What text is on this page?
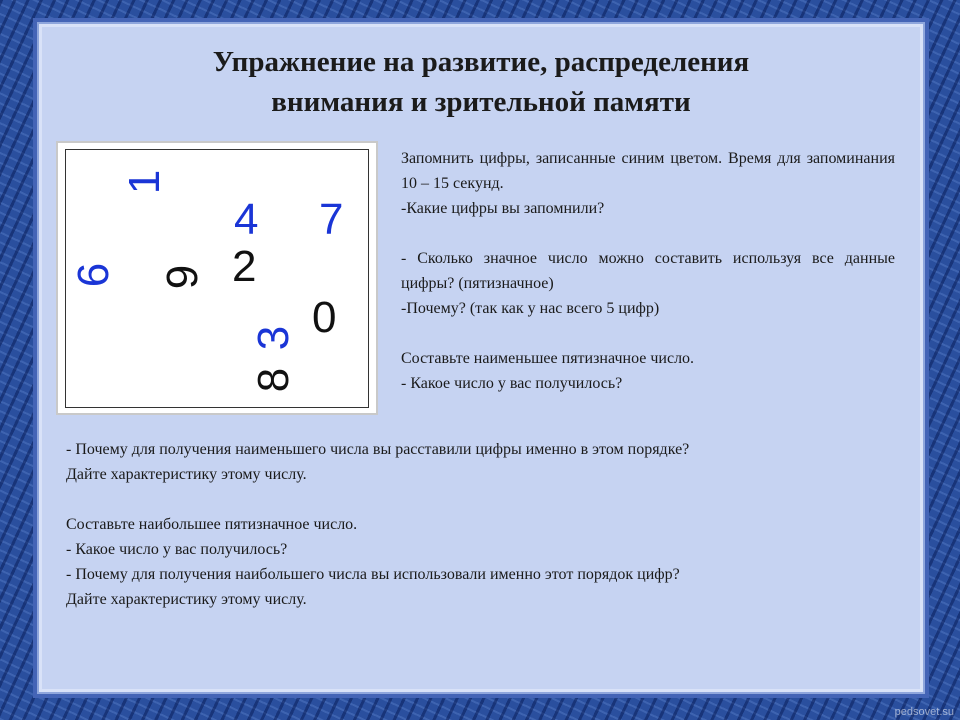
Упражнение на развитие, распределения
внимания и зрительной памяти
1
4 7
6 9 2
3 0
8

Запомнить цифры, записанные синим цветом. Время для запоминания 10 – 15 секунд.

-Какие цифры вы запомнили?

- Сколько значное число можно составить используя все данные цифры? (пятизначное)

-Почему? (так как у нас всего 5 цифр)

Составьте наименьшее пятизначное число.

- Какое число у вас получилось?

- Почему для получения наименьшего числа вы расставили цифры именно в этом порядке?

Дайте характеристику этому числу.

Составьте наибольшее пятизначное число.

- Какое число у вас получилось?

- Почему для получения наибольшего числа вы использовали именно этот порядок цифр?

Дайте характеристику этому числу.

pedsovet.su
